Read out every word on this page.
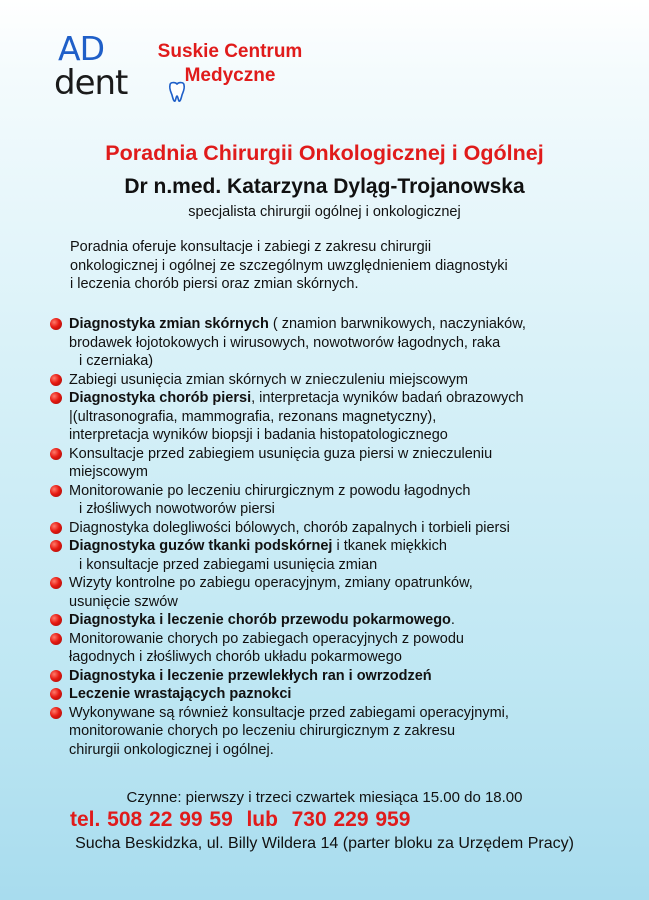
AD
dent
Suskie Centrum
Medyczne
Poradnia Chirurgii Onkologicznej i Ogólnej
Dr n.med. Katarzyna Dyląg-Trojanowska
specjalista chirurgii ogólnej i onkologicznej
Poradnia oferuje konsultacje i zabiegi z zakresu chirurgii
onkologicznej i ogólnej ze szczególnym uwzględnieniem diagnostyki
i leczenia chorób piersi oraz zmian skórnych.
Diagnostyka zmian skórnych ( znamion barwnikowych, naczyniaków,
brodawek łojotokowych i wirusowych, nowotworów łagodnych, raka
i czerniaka)
Zabiegi usunięcia zmian skórnych w znieczuleniu miejscowym
Diagnostyka chorób piersi, interpretacja wyników badań obrazowych
|(ultrasonografia, mammografia, rezonans magnetyczny),
interpretacja wyników biopsji i badania histopatologicznego
Konsultacje przed zabiegiem usunięcia guza piersi w znieczuleniu
miejscowym
Monitorowanie po leczeniu chirurgicznym z powodu łagodnych
i złośliwych nowotworów piersi
Diagnostyka dolegliwości bólowych, chorób zapalnych i torbieli piersi
Diagnostyka guzów tkanki podskórnej i tkanek miękkich
i konsultacje przed zabiegami usunięcia zmian
Wizyty kontrolne po zabiegu operacyjnym, zmiany opatrunków,
usunięcie szwów
Diagnostyka i leczenie chorób przewodu pokarmowego.
Monitorowanie chorych po zabiegach operacyjnych z powodu
łagodnych i złośliwych chorób układu pokarmowego
Diagnostyka i leczenie przewlekłych ran i owrzodzeń
Leczenie wrastających paznokci
Wykonywane są również konsultacje przed zabiegami operacyjnymi,
monitorowanie chorych po leczeniu chirurgicznym z zakresu
chirurgii onkologicznej i ogólnej.
Czynne: pierwszy i trzeci czwartek miesiąca 15.00 do 18.00
tel. 508 22 99 59  lub  730 229 959
Sucha Beskidzka, ul. Billy Wildera 14 (parter bloku za Urzędem Pracy)
